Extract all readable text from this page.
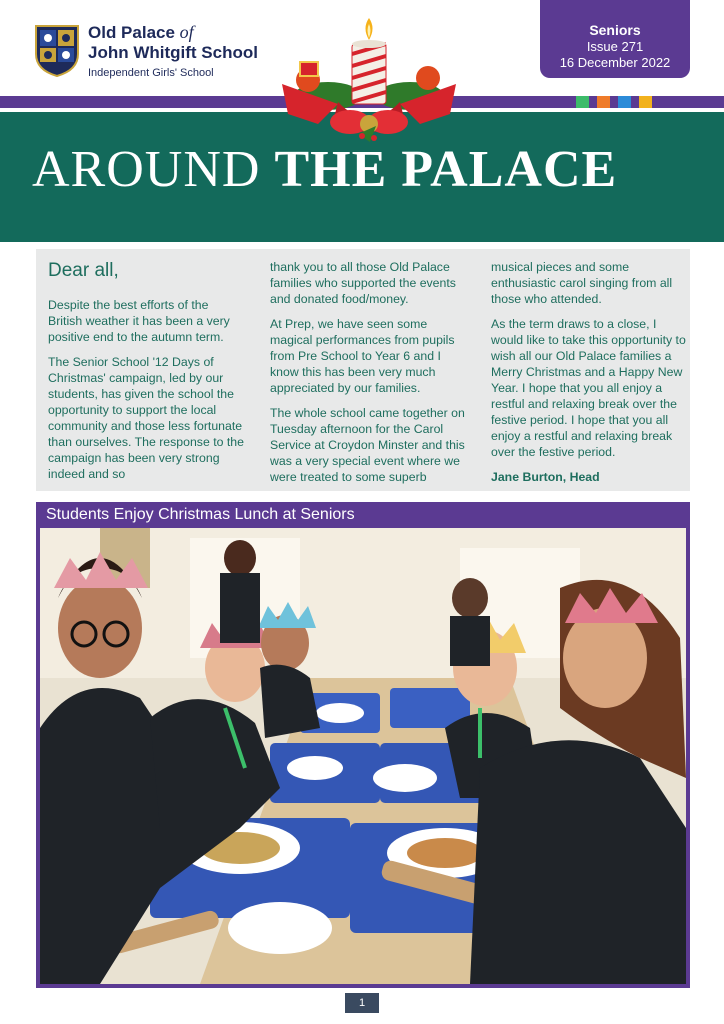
Old Palace of
John Whitgift School
Independent Girls' School
Seniors
Issue 271
16 December 2022
AROUND THE PALACE
Dear all,

Despite the best efforts of the British weather it has been a very positive end to the autumn term.

The Senior School '12 Days of Christmas' campaign, led by our students, has given the school the opportunity to support the local community and those less fortunate than ourselves. The response to the campaign has been very strong indeed and so

thank you to all those Old Palace families who supported the events and donated food/money.

At Prep, we have seen some magical performances from pupils from Pre School to Year 6 and I know this has been very much appreciated by our families.

The whole school came together on Tuesday afternoon for the Carol Service at Croydon Minster and this was a very special event where we were treated to some superb

musical pieces and some enthusiastic carol singing from all those who attended.

As the term draws to a close, I would like to take this opportunity to wish all our Old Palace families a Merry Christmas and a Happy New Year. I hope that you all enjoy a restful and relaxing break over the festive period. I hope that you all enjoy a restful and relaxing break over the festive period.

Jane Burton, Head

Students Enjoy Christmas Lunch at Seniors
1
